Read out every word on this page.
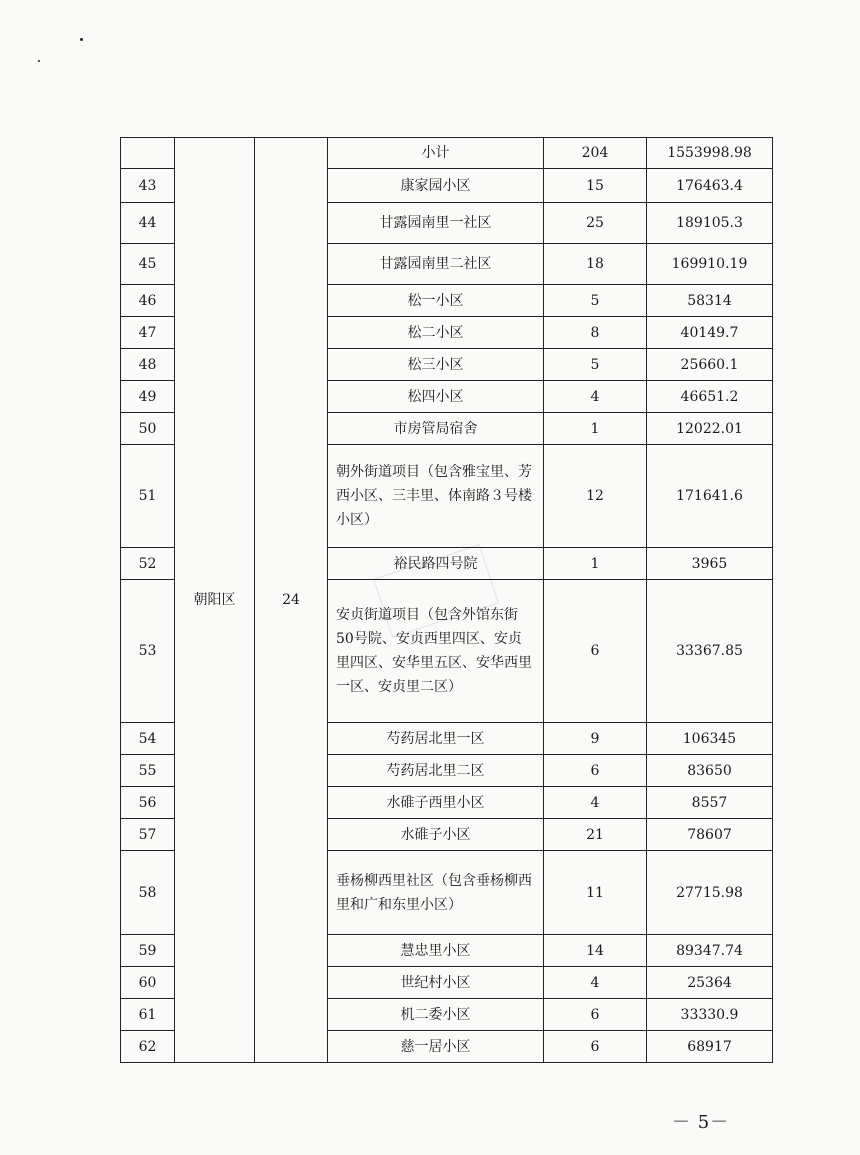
	朝阳区	24	小计	204	1553998.98
43			康家园小区	15	176463.4
44			甘露园南里一社区	25	189105.3
45			甘露园南里二社区	18	169910.19
46			松一小区	5	58314
47			松二小区	8	40149.7
48			松三小区	5	25660.1
49			松四小区	4	46651.2
50			市房管局宿舍	1	12022.01
51			朝外街道项目（包含雅宝里、芳西小区、三丰里、体南路３号楼小区）	12	171641.6
52			裕民路四号院	1	3965
53			安贞街道项目（包含外馆东街50号院、安贞西里四区、安贞里四区、安华里五区、安华西里一区、安贞里二区）	6	33367.85
54			芍药居北里一区	9	106345
55			芍药居北里二区	6	83650
56			水碓子西里小区	4	8557
57			水碓子小区	21	78607
58			垂杨柳西里社区（包含垂杨柳西里和广和东里小区）	11	27715.98
59			慧忠里小区	14	89347.74
60			世纪村小区	4	25364
61			机二委小区	6	33330.9
62			慈一居小区	6	68917
－ 5－
